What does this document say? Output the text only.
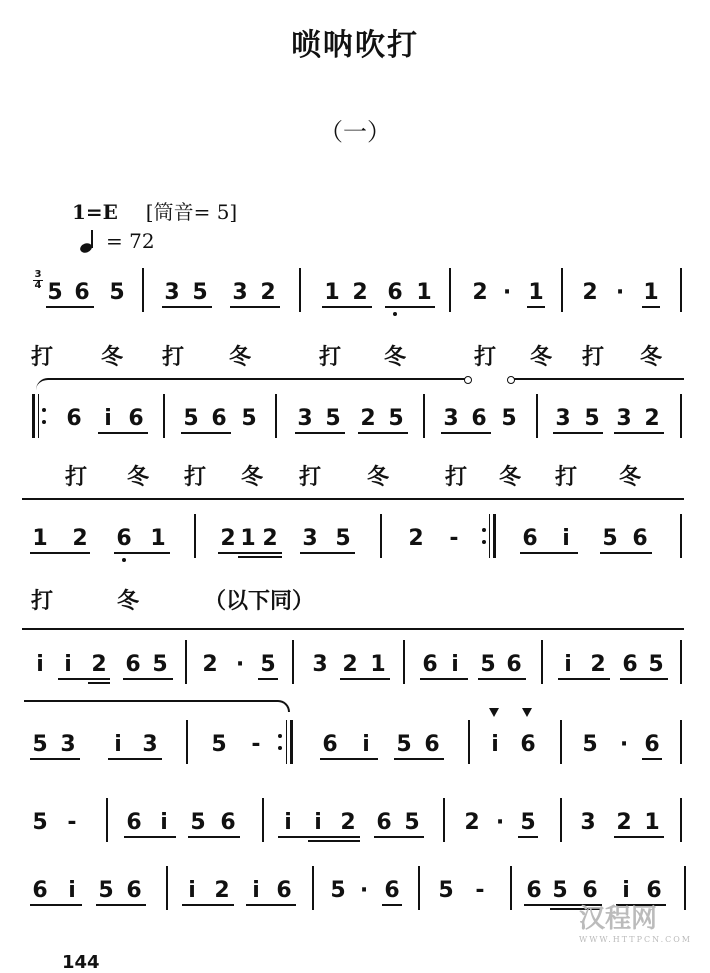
唢呐吹打
（一）
1=E [筒音= 5]
= 72
3
4 5 6 5 3 5 3 2 1 2 6 1 2 · 1 2 · 1
打 冬 打 冬	打 冬	打 冬 打 冬
6	i 6 5 6 5 3 5 2 5 3 6 5 3 5 3 2
打 冬 打 冬 打 冬	打 冬 打 冬
1 2 6 1 2 1 2 3 5	2 -	6	i	5 6
打	冬	（以下同）
i i 2 6 5 2 · 5 3 2 1 6 i 5 6	i 2 6 5
5 3	i 3 5 -	6	i	5 6	i 6 5	· 6
5 - 6 i	5 6	i	i 2 6 5 2 · 5 3 2 1
6 i	5 6	i 2	i 6 5 · 6 5 - 6 5 6	i 6
144
汉程网
WWW.HTTPCN.COM
